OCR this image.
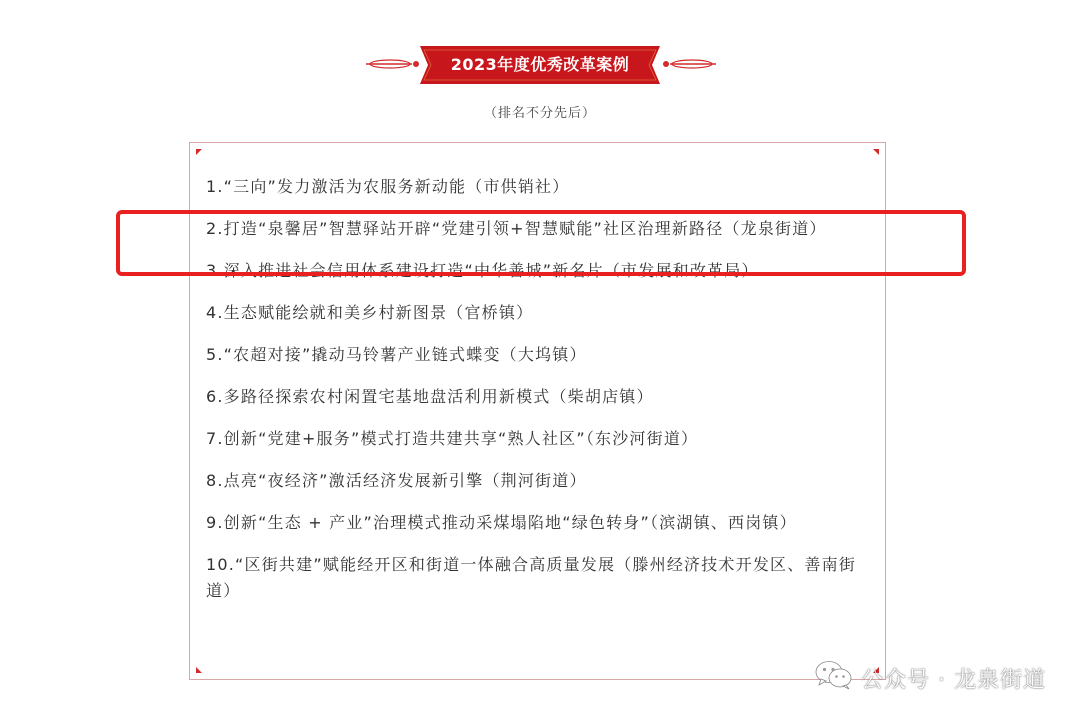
2023年度优秀改革案例
（排名不分先后）
1.“三向”发力激活为农服务新动能（市供销社）
2.打造“泉馨居”智慧驿站开辟“党建引领+智慧赋能”社区治理新路径（龙泉街道）
3.深入推进社会信用体系建设打造“中华善城”新名片（市发展和改革局）
4.生态赋能绘就和美乡村新图景（官桥镇）
5.“农超对接”撬动马铃薯产业链式蝶变（大坞镇）
6.多路径探索农村闲置宅基地盘活利用新模式（柴胡店镇）
7.创新“党建+服务”模式打造共建共享“熟人社区”（东沙河街道）
8.点亮“夜经济”激活经济发展新引擎（荆河街道）
9.创新“生态 + 产业”治理模式推动采煤塌陷地“绿色转身”（滨湖镇、西岗镇）
10.“区街共建”赋能经开区和街道一体融合高质量发展（滕州经济技术开发区、善南街道）
公众号 · 龙泉街道
